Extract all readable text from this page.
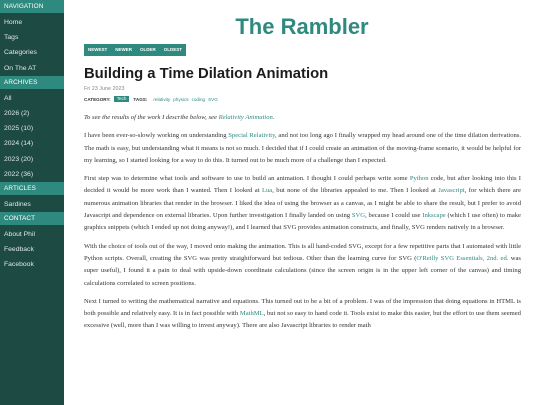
NAVIGATION
Home
Tags
Categories
On The AT
ARCHIVES
All
2026 (2)
2025 (10)
2024 (14)
2023 (20)
2022 (36)
ARTICLES
Sardines
CONTACT
About Phil
Feedback
Facebook
The Rambler
NEWEST	NEWER	OLDER	OLDEST
Building a Time Dilation Animation
Fri 23 June 2023
CATEGORY:	Tech	TAGS: relativity physics coding SVG

To see the results of the work I describe below, see Relativity Animation.

I have been ever-so-slowly working on understanding Special Relativity, and not too long ago I finally wrapped my head around one of the time dilation derivations. The math is easy, but understanding what it means is not so much. I decided that if I could create an animation of the moving-frame scenario, it would be helpful for my learning, so I started looking for a way to do this. It turned out to be much more of a challenge than I expected.

First step was to determine what tools and software to use to build an animation. I thought I could perhaps write some Python code, but after looking into this I decided it would be more work than I wanted. Then I looked at Lua, but none of the libraries appealed to me. Then I looked at Javascript, for which there are numerous animation libraries that render in the browser. I liked the idea of using the browser as a canvas, as I might be able to share the result, but I prefer to avoid Javascript and dependence on external libraries. Upon further investigation I finally landed on using SVG, because I could use Inkscape (which I use often) to make graphics snippets (which I ended up not doing anyway!), and I learned that SVG provides animation constructs, and finally, SVG renders natively in a browser.

With the choice of tools out of the way, I moved onto making the animation. This is all hand-coded SVG, except for a few repetitive parts that I automated with little Python scripts. Overall, creating the SVG was pretty straightforward but tedious. Other than the learning curve for SVG (O'Reilly SVG Essentials, 2nd. ed. was super useful), I found it a pain to deal with upside-down coordinate calculations (since the screen origin is in the upper left corner of the canvas) and timing calculations correlated to screen positions.

Next I turned to writing the mathematical narrative and equations. This turned out to be a bit of a problem. I was of the impression that doing equations in HTML is both possible and relatively easy. It is in fact possible with MathML, but not so easy to hand code it. Tools exist to make this easier, but the effort to use them seemed excessive (well, more than I was willing to invest anyway). There are also Javascript libraries to render math
